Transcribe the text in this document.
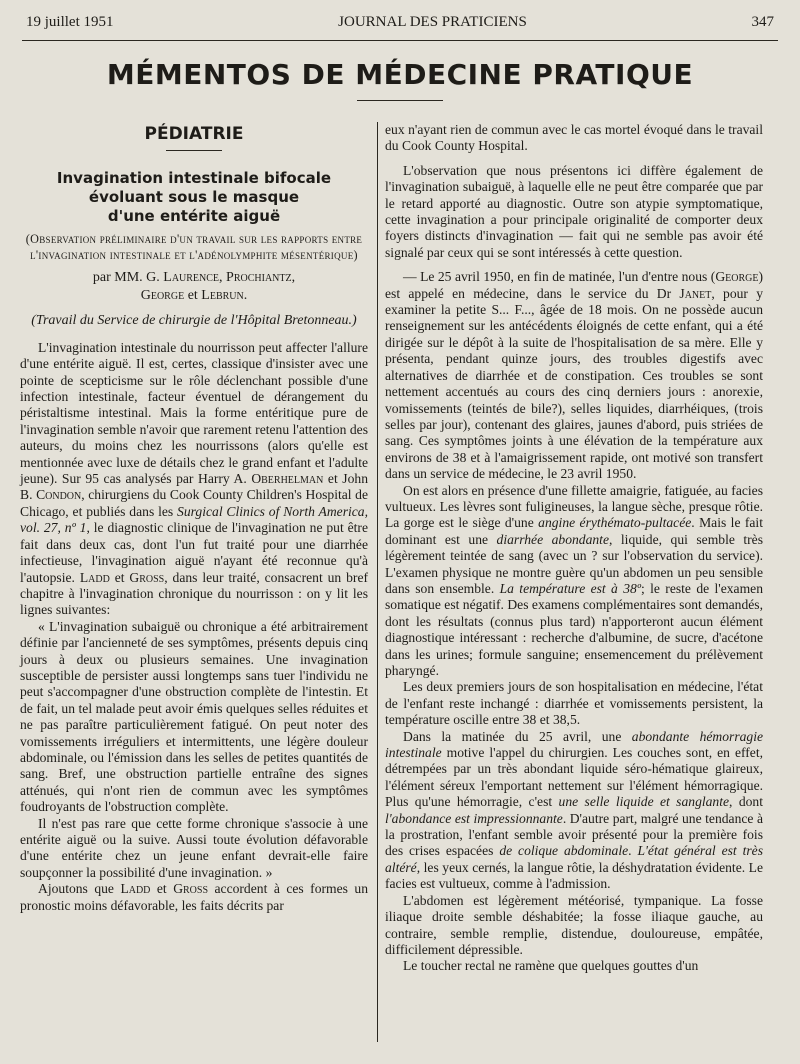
19 juillet 1951	JOURNAL DES PRATICIENS	347
MÉMENTOS DE MÉDECINE PRATIQUE
PÉDIATRIE
Invagination intestinale bifocale
évoluant sous le masque
d'une entérite aiguë
(Observation préliminaire d'un travail sur les rapports entre l'invagination intestinale et l'adénolymphite mésentérique)
par MM. G. Laurence, Prochiantz,
George et Lebrun.
(Travail du Service de chirurgie de l'Hôpital Bretonneau.)

L'invagination intestinale du nourrisson peut affecter l'allure d'une entérite aiguë. Il est, certes, classique d'insister avec une pointe de scepticisme sur le rôle déclenchant possible d'une infection intestinale, facteur éventuel de dérangement du péristaltisme intestinal. Mais la forme entéritique pure de l'invagination semble n'avoir que rarement retenu l'attention des auteurs, du moins chez les nourrissons (alors qu'elle est mentionnée avec luxe de détails chez le grand enfant et l'adulte jeune). Sur 95 cas analysés par Harry A. Oberhelman et John B. Condon, chirurgiens du Cook County Children's Hospital de Chicago, et publiés dans les Surgical Clinics of North America, vol. 27, nº 1, le diagnostic clinique de l'invagination ne put être fait dans deux cas, dont l'un fut traité pour une diarrhée infectieuse, l'invagination aiguë n'ayant été reconnue qu'à l'autopsie. Ladd et Gross, dans leur traité, consacrent un bref chapitre à l'invagination chronique du nourrisson : on y lit les lignes suivantes:

« L'invagination subaiguë ou chronique a été arbitrairement définie par l'ancienneté de ses symptômes, présents depuis cinq jours à deux ou plusieurs semaines. Une invagination susceptible de persister aussi longtemps sans tuer l'individu ne peut s'accompagner d'une obstruction complète de l'intestin. Et de fait, un tel malade peut avoir émis quelques selles réduites et ne pas paraître particulièrement fatigué. On peut noter des vomissements irréguliers et intermittents, une légère douleur abdominale, ou l'émission dans les selles de petites quantités de sang. Bref, une obstruction partielle entraîne des signes atténués, qui n'ont rien de commun avec les symptômes foudroyants de l'obstruction complète.

Il n'est pas rare que cette forme chronique s'associe à une entérite aiguë ou la suive. Aussi toute évolution défavorable d'une entérite chez un jeune enfant devrait-elle faire soupçonner la possibilité d'une invagination. »

Ajoutons que Ladd et Gross accordent à ces formes un pronostic moins défavorable, les faits décrits par

eux n'ayant rien de commun avec le cas mortel évoqué dans le travail du Cook County Hospital.

L'observation que nous présentons ici diffère également de l'invagination subaiguë, à laquelle elle ne peut être comparée que par le retard apporté au diagnostic. Outre son atypie symptomatique, cette invagination a pour principale originalité de comporter deux foyers distincts d'invagination — fait qui ne semble pas avoir été signalé par ceux qui se sont intéressés à cette question.

— Le 25 avril 1950, en fin de matinée, l'un d'entre nous (George) est appelé en médecine, dans le service du Dr Janet, pour y examiner la petite S... F..., âgée de 18 mois. On ne possède aucun renseignement sur les antécédents éloignés de cette enfant, qui a été dirigée sur le dépôt à la suite de l'hospitalisation de sa mère. Elle y présenta, pendant quinze jours, des troubles digestifs avec alternatives de diarrhée et de constipation. Ces troubles se sont nettement accentués au cours des cinq derniers jours : anorexie, vomissements (teintés de bile?), selles liquides, diarrhéiques, (trois selles par jour), contenant des glaires, jaunes d'abord, puis striées de sang. Ces symptômes joints à une élévation de la température aux environs de 38 et à l'amaigrissement rapide, ont motivé son transfert dans un service de médecine, le 23 avril 1950.

On est alors en présence d'une fillette amaigrie, fatiguée, au facies vultueux. Les lèvres sont fuligineuses, la langue sèche, presque rôtie. La gorge est le siège d'une angine érythémato-pultacée. Mais le fait dominant est une diarrhée abondante, liquide, qui semble très légèrement teintée de sang (avec un ? sur l'observation du service). L'examen physique ne montre guère qu'un abdomen un peu sensible dans son ensemble. La température est à 38º; le reste de l'examen somatique est négatif. Des examens complémentaires sont demandés, dont les résultats (connus plus tard) n'apporteront aucun élément diagnostique intéressant : recherche d'albumine, de sucre, d'acétone dans les urines; formule sanguine; ensemencement du prélèvement pharyngé.

Les deux premiers jours de son hospitalisation en médecine, l'état de l'enfant reste inchangé : diarrhée et vomissements persistent, la température oscille entre 38 et 38,5.

Dans la matinée du 25 avril, une abondante hémorragie intestinale motive l'appel du chirurgien. Les couches sont, en effet, détrempées par un très abondant liquide séro-hématique glaireux, l'élément séreux l'emportant nettement sur l'élément hémorragique. Plus qu'une hémorragie, c'est une selle liquide et sanglante, dont l'abondance est impressionnante. D'autre part, malgré une tendance à la prostration, l'enfant semble avoir présenté pour la première fois des crises espacées de colique abdominale. L'état général est très altéré, les yeux cernés, la langue rôtie, la déshydratation évidente. Le facies est vultueux, comme à l'admission.

L'abdomen est légèrement météorisé, tympanique. La fosse iliaque droite semble déshabitée; la fosse iliaque gauche, au contraire, semble remplie, distendue, douloureuse, empâtée, difficilement dépressible.

Le toucher rectal ne ramène que quelques gouttes d'un
